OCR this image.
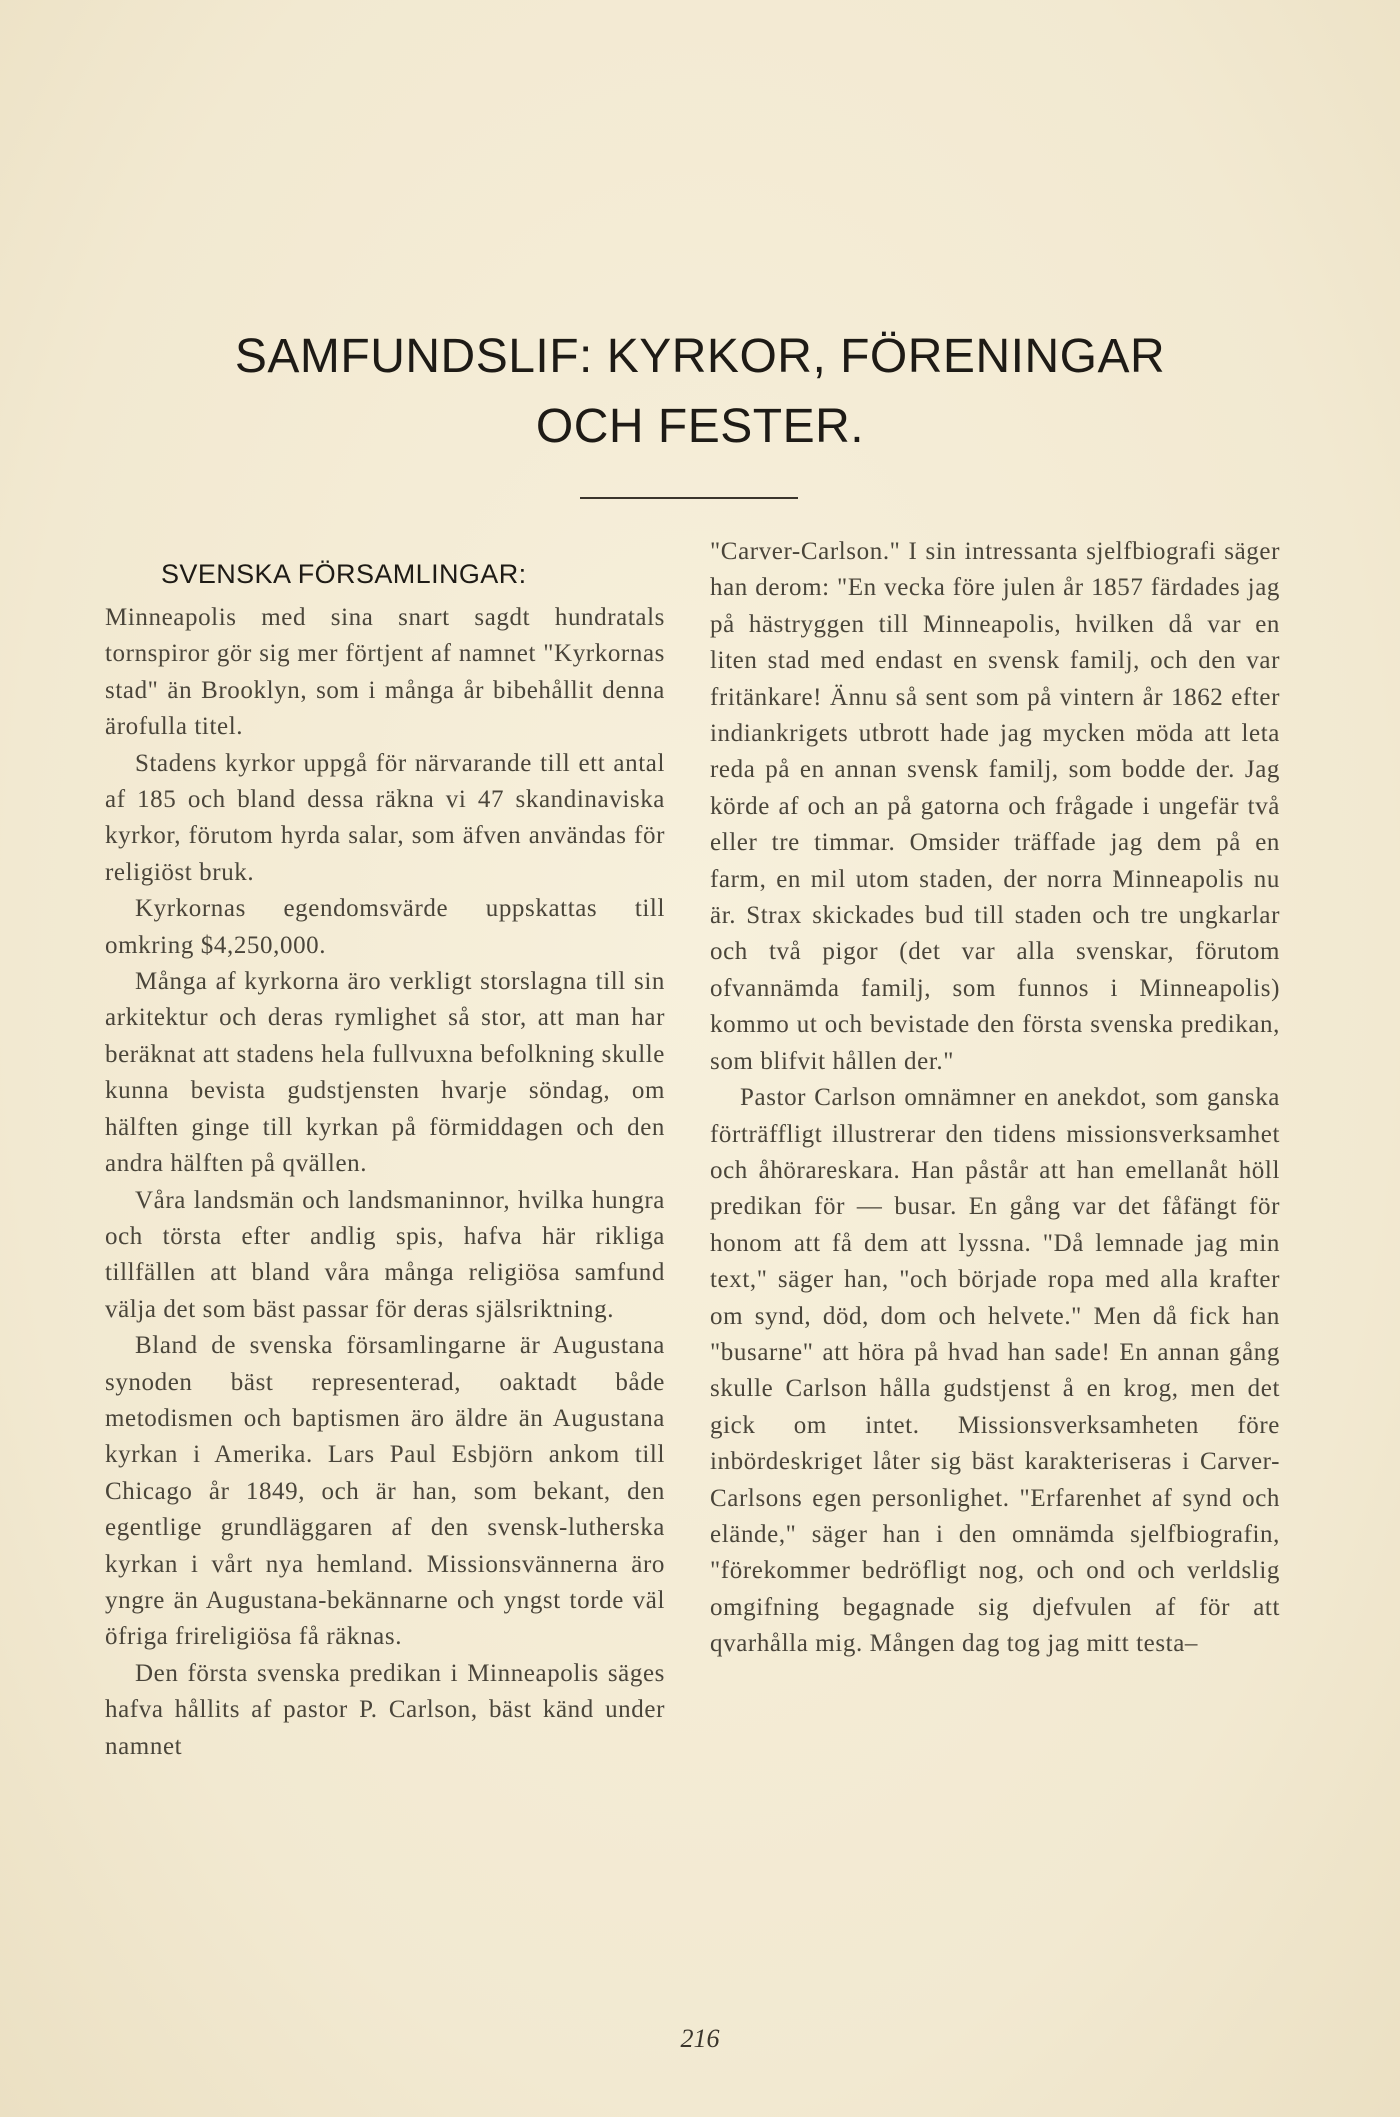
SAMFUNDSLIF: KYRKOR, FÖRENINGAR
OCH FESTER.
SVENSKA FÖRSAMLINGAR:

Minneapolis med sina snart sagdt hundratals tornspiror gör sig mer förtjent af namnet "Kyrkornas stad" än Brooklyn, som i många år bibehållit denna ärofulla titel.

Stadens kyrkor uppgå för närvarande till ett antal af 185 och bland dessa räkna vi 47 skandinaviska kyrkor, förutom hyrda salar, som äfven användas för religiöst bruk.

Kyrkornas egendomsvärde uppskattas till omkring $4,250,000.

Många af kyrkorna äro verkligt storslagna till sin arkitektur och deras rymlighet så stor, att man har beräknat att stadens hela fullvuxna befolkning skulle kunna bevista gudstjensten hvarje söndag, om hälften ginge till kyrkan på förmiddagen och den andra hälften på qvällen.

Våra landsmän och landsmaninnor, hvilka hungra och törsta efter andlig spis, hafva här rikliga tillfällen att bland våra många religiösa samfund välja det som bäst passar för deras själsriktning.

Bland de svenska församlingarne är Augustana synoden bäst representerad, oaktadt både metodismen och baptismen äro äldre än Augustana kyrkan i Amerika. Lars Paul Esbjörn ankom till Chicago år 1849, och är han, som bekant, den egentlige grundläggaren af den svensk-lutherska kyrkan i vårt nya hemland. Missionsvännerna äro yngre än Augustana-bekännarne och yngst torde väl öfriga frireligiösa få räknas.

Den första svenska predikan i Minneapolis säges hafva hållits af pastor P. Carlson, bäst känd under namnet

"Carver-Carlson." I sin intressanta sjelfbiografi säger han derom: "En vecka före julen år 1857 färdades jag på hästryggen till Minneapolis, hvilken då var en liten stad med endast en svensk familj, och den var fritänkare! Ännu så sent som på vintern år 1862 efter indiankrigets utbrott hade jag mycken möda att leta reda på en annan svensk familj, som bodde der. Jag körde af och an på gatorna och frågade i ungefär två eller tre timmar. Omsider träffade jag dem på en farm, en mil utom staden, der norra Minneapolis nu är. Strax skickades bud till staden och tre ungkarlar och två pigor (det var alla svenskar, förutom ofvannämda familj, som funnos i Minneapolis) kommo ut och bevistade den första svenska predikan, som blifvit hållen der."

Pastor Carlson omnämner en anekdot, som ganska förträffligt illustrerar den tidens missionsverksamhet och åhörareskara. Han påstår att han emellanåt höll predikan för — busar. En gång var det fåfängt för honom att få dem att lyssna. "Då lemnade jag min text," säger han, "och började ropa med alla krafter om synd, död, dom och helvete." Men då fick han "busarne" att höra på hvad han sade! En annan gång skulle Carlson hålla gudstjenst å en krog, men det gick om intet. Missionsverksamheten före inbördeskriget låter sig bäst karakteriseras i Carver-Carlsons egen personlighet. "Erfarenhet af synd och elände," säger han i den omnämda sjelfbiografin, "förekommer bedröfligt nog, och ond och verldslig omgifning begagnade sig djefvulen af för att qvarhålla mig. Mången dag tog jag mitt testa–

216
